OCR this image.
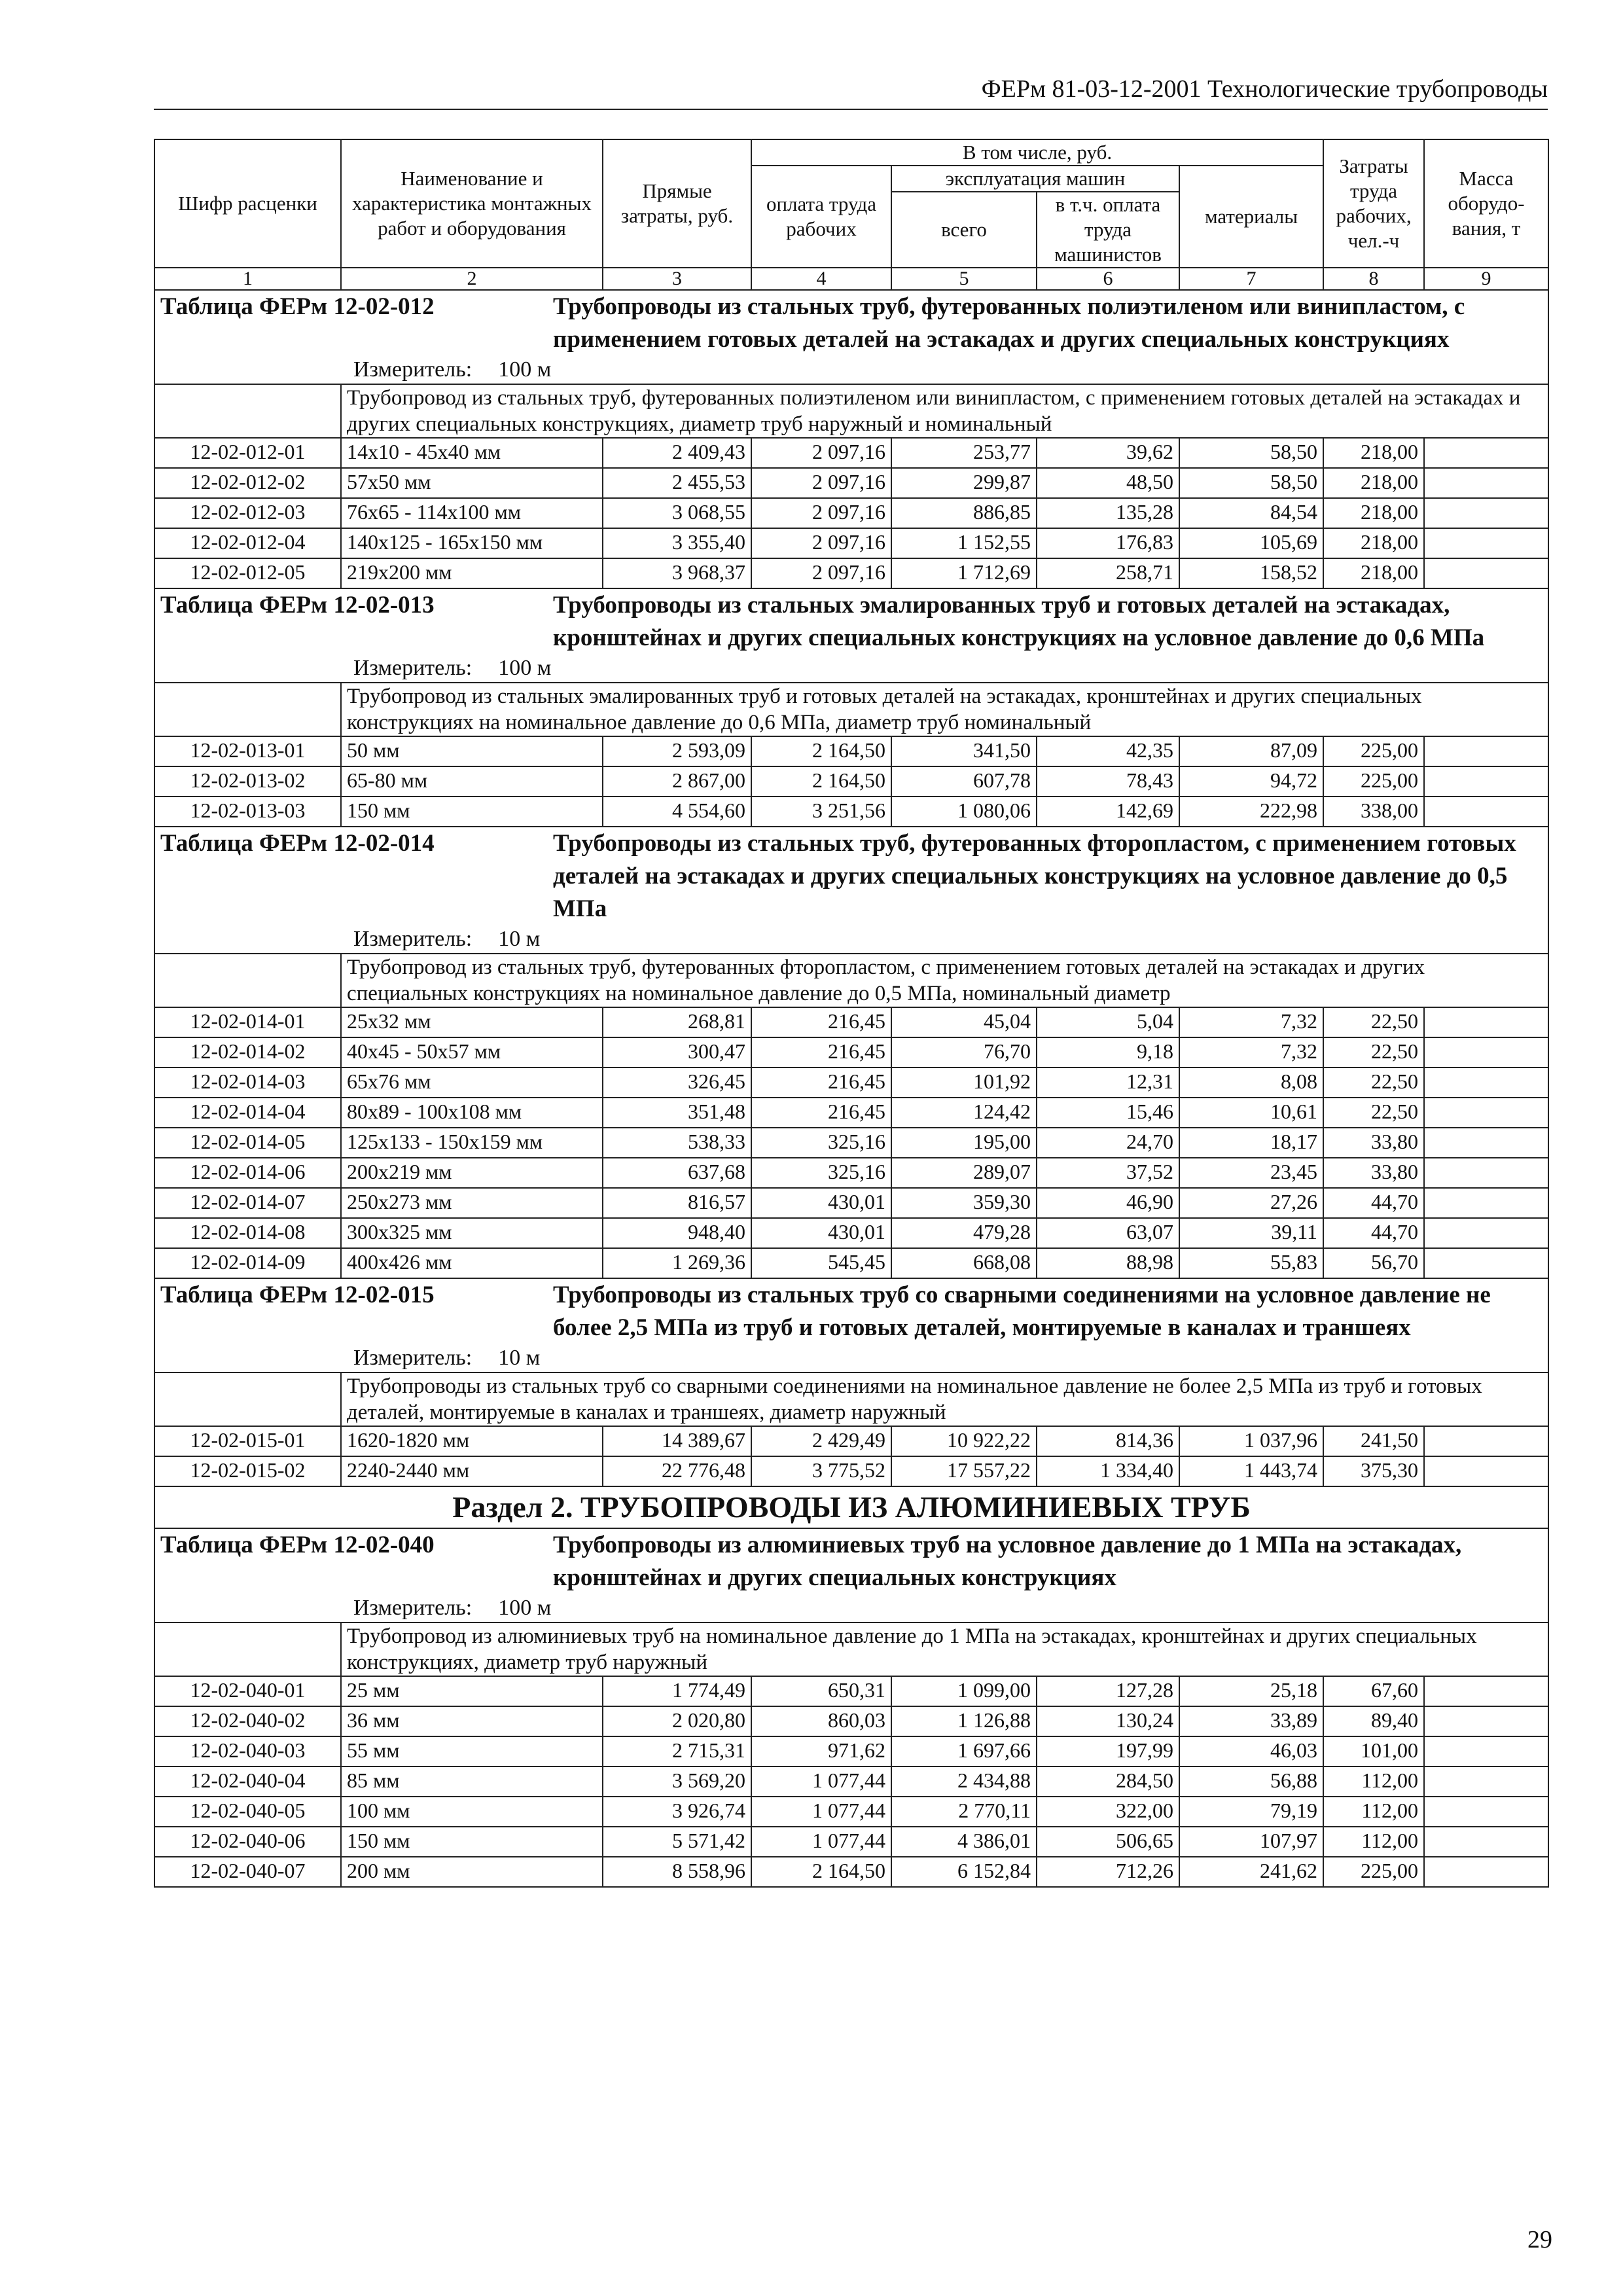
ФЕРм 81-03-12-2001 Технологические трубопроводы
Шифр расценки	Наименование и характеристика монтажных работ и оборудования	Прямые затраты, руб.	В том числе, руб.				Затраты труда рабочих, чел.-ч	Масса оборудо-вания, т
			оплата труда рабочих	эксплуатация машин		материалы		
				всего	в т.ч. оплата труда машинистов			
1	2	3	4	5	6	7	8	9

Таблица ФЕРм 12-02-012 Трубопроводы из стальных труб, футерованных полиэтиленом или винипластом, с применением готовых деталей на эстакадах и других специальных конструкциях
Измеритель: 100 м								

	Трубопровод из стальных труб, футерованных полиэтиленом или винипластом, с применением готовых деталей на эстакадах и других специальных конструкциях, диаметр труб наружный и номинальный							
12-02-012-01	14x10 - 45x40 мм	2 409,43	2 097,16	253,77	39,62	58,50	218,00	
12-02-012-02	57x50 мм	2 455,53	2 097,16	299,87	48,50	58,50	218,00	
12-02-012-03	76x65 - 114x100 мм	3 068,55	2 097,16	886,85	135,28	84,54	218,00	
12-02-012-04	140x125 - 165x150 мм	3 355,40	2 097,16	1 152,55	176,83	105,69	218,00	
12-02-012-05	219x200 мм	3 968,37	2 097,16	1 712,69	258,71	158,52	218,00	

Таблица ФЕРм 12-02-013 Трубопроводы из стальных эмалированных труб и готовых деталей на эстакадах, кронштейнах и других специальных конструкциях на условное давление до 0,6 МПа
Измеритель: 100 м								

	Трубопровод из стальных эмалированных труб и готовых деталей на эстакадах, кронштейнах и других специальных конструкциях на номинальное давление до 0,6 МПа, диаметр труб номинальный							
12-02-013-01	50 мм	2 593,09	2 164,50	341,50	42,35	87,09	225,00	
12-02-013-02	65-80 мм	2 867,00	2 164,50	607,78	78,43	94,72	225,00	
12-02-013-03	150 мм	4 554,60	3 251,56	1 080,06	142,69	222,98	338,00	

Таблица ФЕРм 12-02-014 Трубопроводы из стальных труб, футерованных фторопластом, с применением готовых деталей на эстакадах и других специальных конструкциях на условное давление до 0,5 МПа
Измеритель: 10 м								

	Трубопровод из стальных труб, футерованных фторопластом, с применением готовых деталей на эстакадах и других специальных конструкциях на номинальное давление до 0,5 МПа, номинальный диаметр							
12-02-014-01	25x32 мм	268,81	216,45	45,04	5,04	7,32	22,50	
12-02-014-02	40x45 - 50x57 мм	300,47	216,45	76,70	9,18	7,32	22,50	
12-02-014-03	65x76 мм	326,45	216,45	101,92	12,31	8,08	22,50	
12-02-014-04	80x89 - 100x108 мм	351,48	216,45	124,42	15,46	10,61	22,50	
12-02-014-05	125x133 - 150x159 мм	538,33	325,16	195,00	24,70	18,17	33,80	
12-02-014-06	200x219 мм	637,68	325,16	289,07	37,52	23,45	33,80	
12-02-014-07	250x273 мм	816,57	430,01	359,30	46,90	27,26	44,70	
12-02-014-08	300x325 мм	948,40	430,01	479,28	63,07	39,11	44,70	
12-02-014-09	400x426 мм	1 269,36	545,45	668,08	88,98	55,83	56,70	

Таблица ФЕРм 12-02-015 Трубопроводы из стальных труб со сварными соединениями на условное давление не более 2,5 МПа из труб и готовых деталей, монтируемые в каналах и траншеях
Измеритель: 10 м								

	Трубопроводы из стальных труб со сварными соединениями на номинальное давление не более 2,5 МПа из труб и готовых деталей, монтируемые в каналах и траншеях, диаметр наружный							
12-02-015-01	1620-1820 мм	14 389,67	2 429,49	10 922,22	814,36	1 037,96	241,50	
12-02-015-02	2240-2440 мм	22 776,48	3 775,52	17 557,22	1 334,40	1 443,74	375,30	
Раздел 2. ТРУБОПРОВОДЫ ИЗ АЛЮМИНИЕВЫХ ТРУБ								

Таблица ФЕРм 12-02-040 Трубопроводы из алюминиевых труб на условное давление до 1 МПа на эстакадах, кронштейнах и других специальных конструкциях
Измеритель: 100 м								

	Трубопровод из алюминиевых труб на номинальное давление до 1 МПа на эстакадах, кронштейнах и других специальных конструкциях, диаметр труб наружный							
12-02-040-01	25 мм	1 774,49	650,31	1 099,00	127,28	25,18	67,60	
12-02-040-02	36 мм	2 020,80	860,03	1 126,88	130,24	33,89	89,40	
12-02-040-03	55 мм	2 715,31	971,62	1 697,66	197,99	46,03	101,00	
12-02-040-04	85 мм	3 569,20	1 077,44	2 434,88	284,50	56,88	112,00	
12-02-040-05	100 мм	3 926,74	1 077,44	2 770,11	322,00	79,19	112,00	
12-02-040-06	150 мм	5 571,42	1 077,44	4 386,01	506,65	107,97	112,00	
12-02-040-07	200 мм	8 558,96	2 164,50	6 152,84	712,26	241,62	225,00	
29
